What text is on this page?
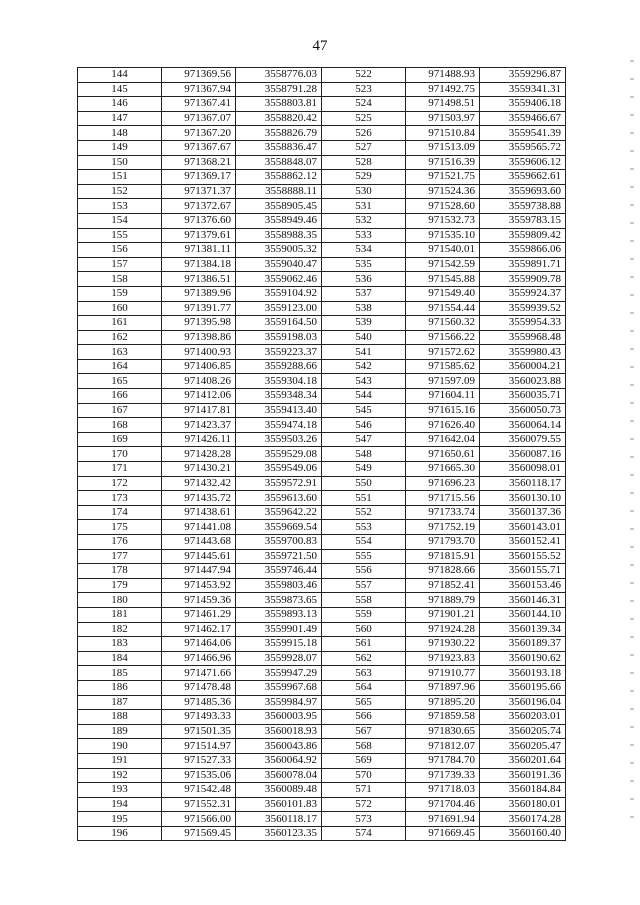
47
144	971369.56	3558776.03	522	971488.93	3559296.87
145	971367.94	3558791.28	523	971492.75	3559341.31
146	971367.41	3558803.81	524	971498.51	3559406.18
147	971367.07	3558820.42	525	971503.97	3559466.67
148	971367.20	3558826.79	526	971510.84	3559541.39
149	971367.67	3558836.47	527	971513.09	3559565.72
150	971368.21	3558848.07	528	971516.39	3559606.12
151	971369.17	3558862.12	529	971521.75	3559662.61
152	971371.37	3558888.11	530	971524.36	3559693.60
153	971372.67	3558905.45	531	971528.60	3559738.88
154	971376.60	3558949.46	532	971532.73	3559783.15
155	971379.61	3558988.35	533	971535.10	3559809.42
156	971381.11	3559005.32	534	971540.01	3559866.06
157	971384.18	3559040.47	535	971542.59	3559891.71
158	971386.51	3559062.46	536	971545.88	3559909.78
159	971389.96	3559104.92	537	971549.40	3559924.37
160	971391.77	3559123.00	538	971554.44	3559939.52
161	971395.98	3559164.50	539	971560.32	3559954.33
162	971398.86	3559198.03	540	971566.22	3559968.48
163	971400.93	3559223.37	541	971572.62	3559980.43
164	971406.85	3559288.66	542	971585.62	3560004.21
165	971408.26	3559304.18	543	971597.09	3560023.88
166	971412.06	3559348.34	544	971604.11	3560035.71
167	971417.81	3559413.40	545	971615.16	3560050.73
168	971423.37	3559474.18	546	971626.40	3560064.14
169	971426.11	3559503.26	547	971642.04	3560079.55
170	971428.28	3559529.08	548	971650.61	3560087.16
171	971430.21	3559549.06	549	971665.30	3560098.01
172	971432.42	3559572.91	550	971696.23	3560118.17
173	971435.72	3559613.60	551	971715.56	3560130.10
174	971438.61	3559642.22	552	971733.74	3560137.36
175	971441.08	3559669.54	553	971752.19	3560143.01
176	971443.68	3559700.83	554	971793.70	3560152.41
177	971445.61	3559721.50	555	971815.91	3560155.52
178	971447.94	3559746.44	556	971828.66	3560155.71
179	971453.92	3559803.46	557	971852.41	3560153.46
180	971459.36	3559873.65	558	971889.79	3560146.31
181	971461.29	3559893.13	559	971901.21	3560144.10
182	971462.17	3559901.49	560	971924.28	3560139.34
183	971464.06	3559915.18	561	971930.22	3560189.37
184	971466.96	3559928.07	562	971923.83	3560190.62
185	971471.66	3559947.29	563	971910.77	3560193.18
186	971478.48	3559967.68	564	971897.96	3560195.66
187	971485.36	3559984.97	565	971895.20	3560196.04
188	971493.33	3560003.95	566	971859.58	3560203.01
189	971501.35	3560018.93	567	971830.65	3560205.74
190	971514.97	3560043.86	568	971812.07	3560205.47
191	971527.33	3560064.92	569	971784.70	3560201.64
192	971535.06	3560078.04	570	971739.33	3560191.36
193	971542.48	3560089.48	571	971718.03	3560184.84
194	971552.31	3560101.83	572	971704.46	3560180.01
195	971566.00	3560118.17	573	971691.94	3560174.28
196	971569.45	3560123.35	574	971669.45	3560160.40
